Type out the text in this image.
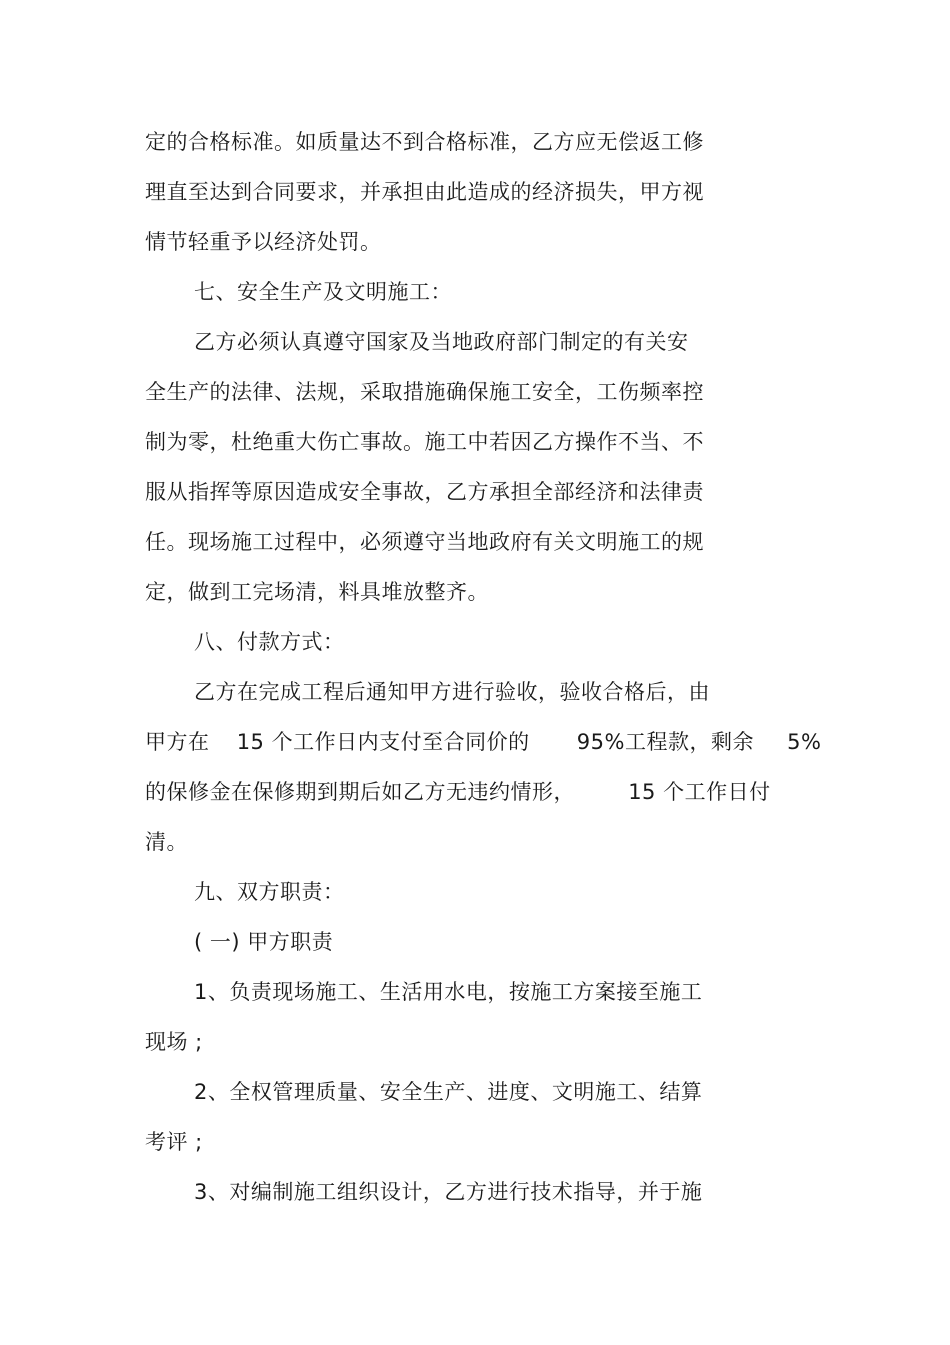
定的合格标准。如质量达不到合格标准，乙方应无偿返工修
理直至达到合同要求，并承担由此造成的经济损失，甲方视
情节轻重予以经济处罚。
七、安全生产及文明施工：
乙方必须认真遵守国家及当地政府部门制定的有关安
全生产的法律、法规，采取措施确保施工安全，工伤频率控
制为零，杜绝重大伤亡事故。施工中若因乙方操作不当、不
服从指挥等原因造成安全事故，乙方承担全部经济和法律责
任。现场施工过程中，必须遵守当地政府有关文明施工的规
定，做到工完场清，料具堆放整齐。
八、付款方式：
乙方在完成工程后通知甲方进行验收，验收合格后，由
甲方在 15 个工作日内支付至合同价的 95%工程款，剩余 5%
的保修金在保修期到期后如乙方无违约情形，	15 个工作日付
清。
九、双方职责：
( 一) 甲方职责
1、负责现场施工、生活用水电，按施工方案接至施工
现场 ;
2、全权管理质量、安全生产、进度、文明施工、结算
考评 ;
3、对编制施工组织设计，乙方进行技术指导，并于施
